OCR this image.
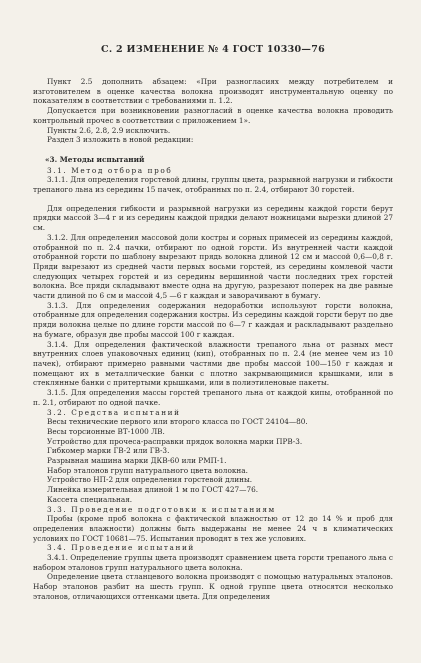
С. 2 ИЗМЕНЕНИЕ № 4 ГОСТ 10330—76

Пункт 2.5 дополнить абзацем: «При разногласиях между потребителем и изготовителем в оценке качества волокна производят инструментальную оценку по показателям в соответствии с требованиями п. 1.2.

Допускается при возникновении разногласий в оценке качества волокна проводить контрольный прочес в соответствии с приложением 1».

Пункты 2.6, 2.8, 2.9 исключить.

Раздел 3 изложить в новой редакции:

«3. Методы испытаний

3.1. Метод отбора проб

3.1.1. Для определения горстевой длины, группы цвета, разрывной нагрузки и гибкости трепаного льна из середины 15 пачек, отобранных по п. 2.4, отбирают 30 горстей.

Для определения гибкости и разрывной нагрузки из середины каждой горсти берут прядки массой 3—4 г и из середины каждой прядки делают ножницами вырезки длиной 27 см.

3.1.2. Для определения массовой доли костры и сорных примесей из середины каждой, отобранной по п. 2.4 пачки, отбирают по одной горсти. Из внутренней части каждой отобранной горсти по шаблону вырезают прядь волокна длиной 12 см и массой 0,6—0,8 г. Пряди вырезают из средней части первых восьми горстей, из середины комлевой части следующих четырех горстей и из середины вершинной части последних трех горстей волокна. Все пряди складывают вместе одна на другую, разрезают поперек на две равные части длиной по 6 см и массой 4,5 —6 г каждая и заворачивают в бумагу.

3.1.3. Для определения содержания недоработки используют горсти волокна, отобранные для определения содержания костры. Из середины каждой горсти берут по две пряди волокна целые по длине горсти массой по 6—7 г каждая и раскладывают раздельно на бумаге, образуя две пробы массой 100 г каждая.

3.1.4. Для определения фактической влажности трепаного льна от разных мест внутренних слоев упаковочных единиц (кип), отобранных по п. 2.4 (не менее чем из 10 пачек), отбирают примерно равными частями две пробы массой 100—150 г каждая и помещают их в металлические банки с плотно закрывающимися крышками, или в стеклянные банки с притертыми крышками, или в полиэтиленовые пакеты.

3.1.5. Для определения массы горстей трепаного льна от каждой кипы, отобранной по п. 2.1, отбирают по одной пачке.

3.2. Средства испытаний

Весы технические первого или второго класса по ГОСТ 24104—80.

Весы торсионные ВТ-1000 ЛВ.

Устройство для прочеса-расправки прядок волокна марки ПРВ-3.

Гибкомер марки ГВ-2 или ГВ-3.

Разрывная машина марки ДКВ-60 или РМП-1.

Набор эталонов групп натурального цвета волокна.

Устройство НП-2 для определения горстевой длины.

Линейка измерительная длиной 1 м по ГОСТ 427—76.

Кассета специальная.

3.3. Проведение подготовки к испытаниям

Пробы (кроме проб волокна с фактической влажностью от 12 до 14 % и проб для определения влажности) должны быть выдержаны не менее 24 ч в климатических условиях по ГОСТ 10681—75. Испытания проводят в тех же условиях.

3.4. Проведение испытаний

3.4.1. Определение группы цвета производят сравнением цвета горсти трепаного льна с набором эталонов групп натурального цвета волокна.

Определение цвета стланцевого волокна производят с помощью натуральных эталонов. Набор эталонов разбит на шесть групп. К одной группе цвета относятся несколько эталонов, отличающихся оттенками цвета. Для определения
